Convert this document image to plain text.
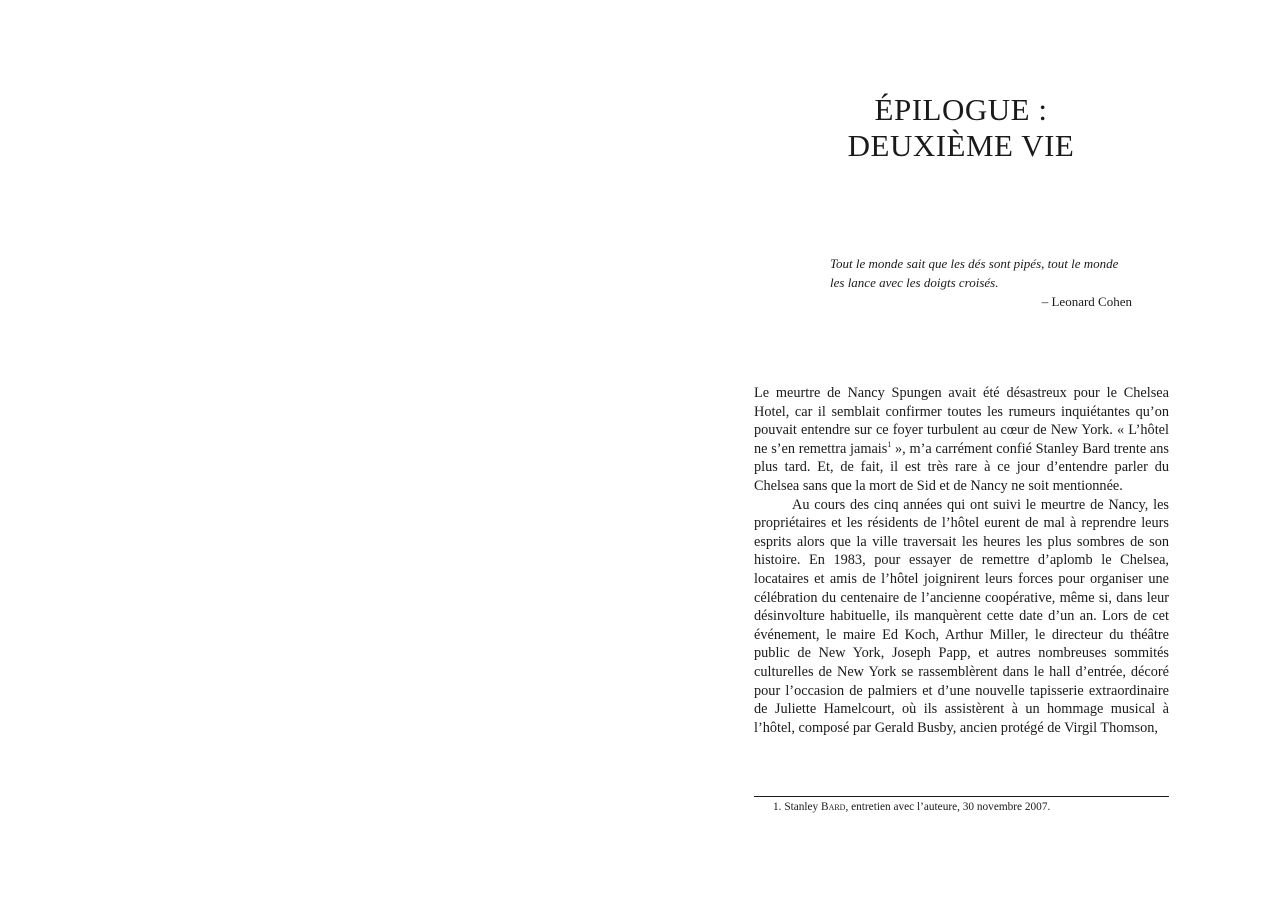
ÉPILOGUE :
DEUXIÈME VIE

Tout le monde sait que les dés sont pipés, tout le monde les lance avec les doigts croisés.

– Leonard Cohen

Le meurtre de Nancy Spungen avait été désastreux pour le Chelsea Hotel, car il semblait confirmer toutes les rumeurs inquiétantes qu’on pouvait entendre sur ce foyer turbulent au cœur de New York. « L’hôtel ne s’en remettra jamais$^1$ », m’a carrément confié Stanley Bard trente ans plus tard. Et, de fait, il est très rare à ce jour d’entendre parler du Chelsea sans que la mort de Sid et de Nancy ne soit mentionnée.

Au cours des cinq années qui ont suivi le meurtre de Nancy, les propriétaires et les résidents de l’hôtel eurent de mal à reprendre leurs esprits alors que la ville traversait les heures les plus sombres de son histoire. En 1983, pour essayer de remettre d’aplomb le Chelsea, locataires et amis de l’hôtel joignirent leurs forces pour organiser une célébration du centenaire de l’ancienne coopérative, même si, dans leur désinvolture habituelle, ils manquèrent cette date d’un an. Lors de cet événement, le maire Ed Koch, Arthur Miller, le directeur du théâtre public de New York, Joseph Papp, et autres nombreuses sommités culturelles de New York se rassemblèrent dans le hall d’entrée, décoré pour l’occasion de palmiers et d’une nouvelle tapisserie extraordinaire de Juliette Hamelcourt, où ils assistèrent à un hommage musical à l’hôtel, composé par Gerald Busby, ancien protégé de Virgil Thomson,

1. Stanley Bard, entretien avec l’auteure, 30 novembre 2007.
